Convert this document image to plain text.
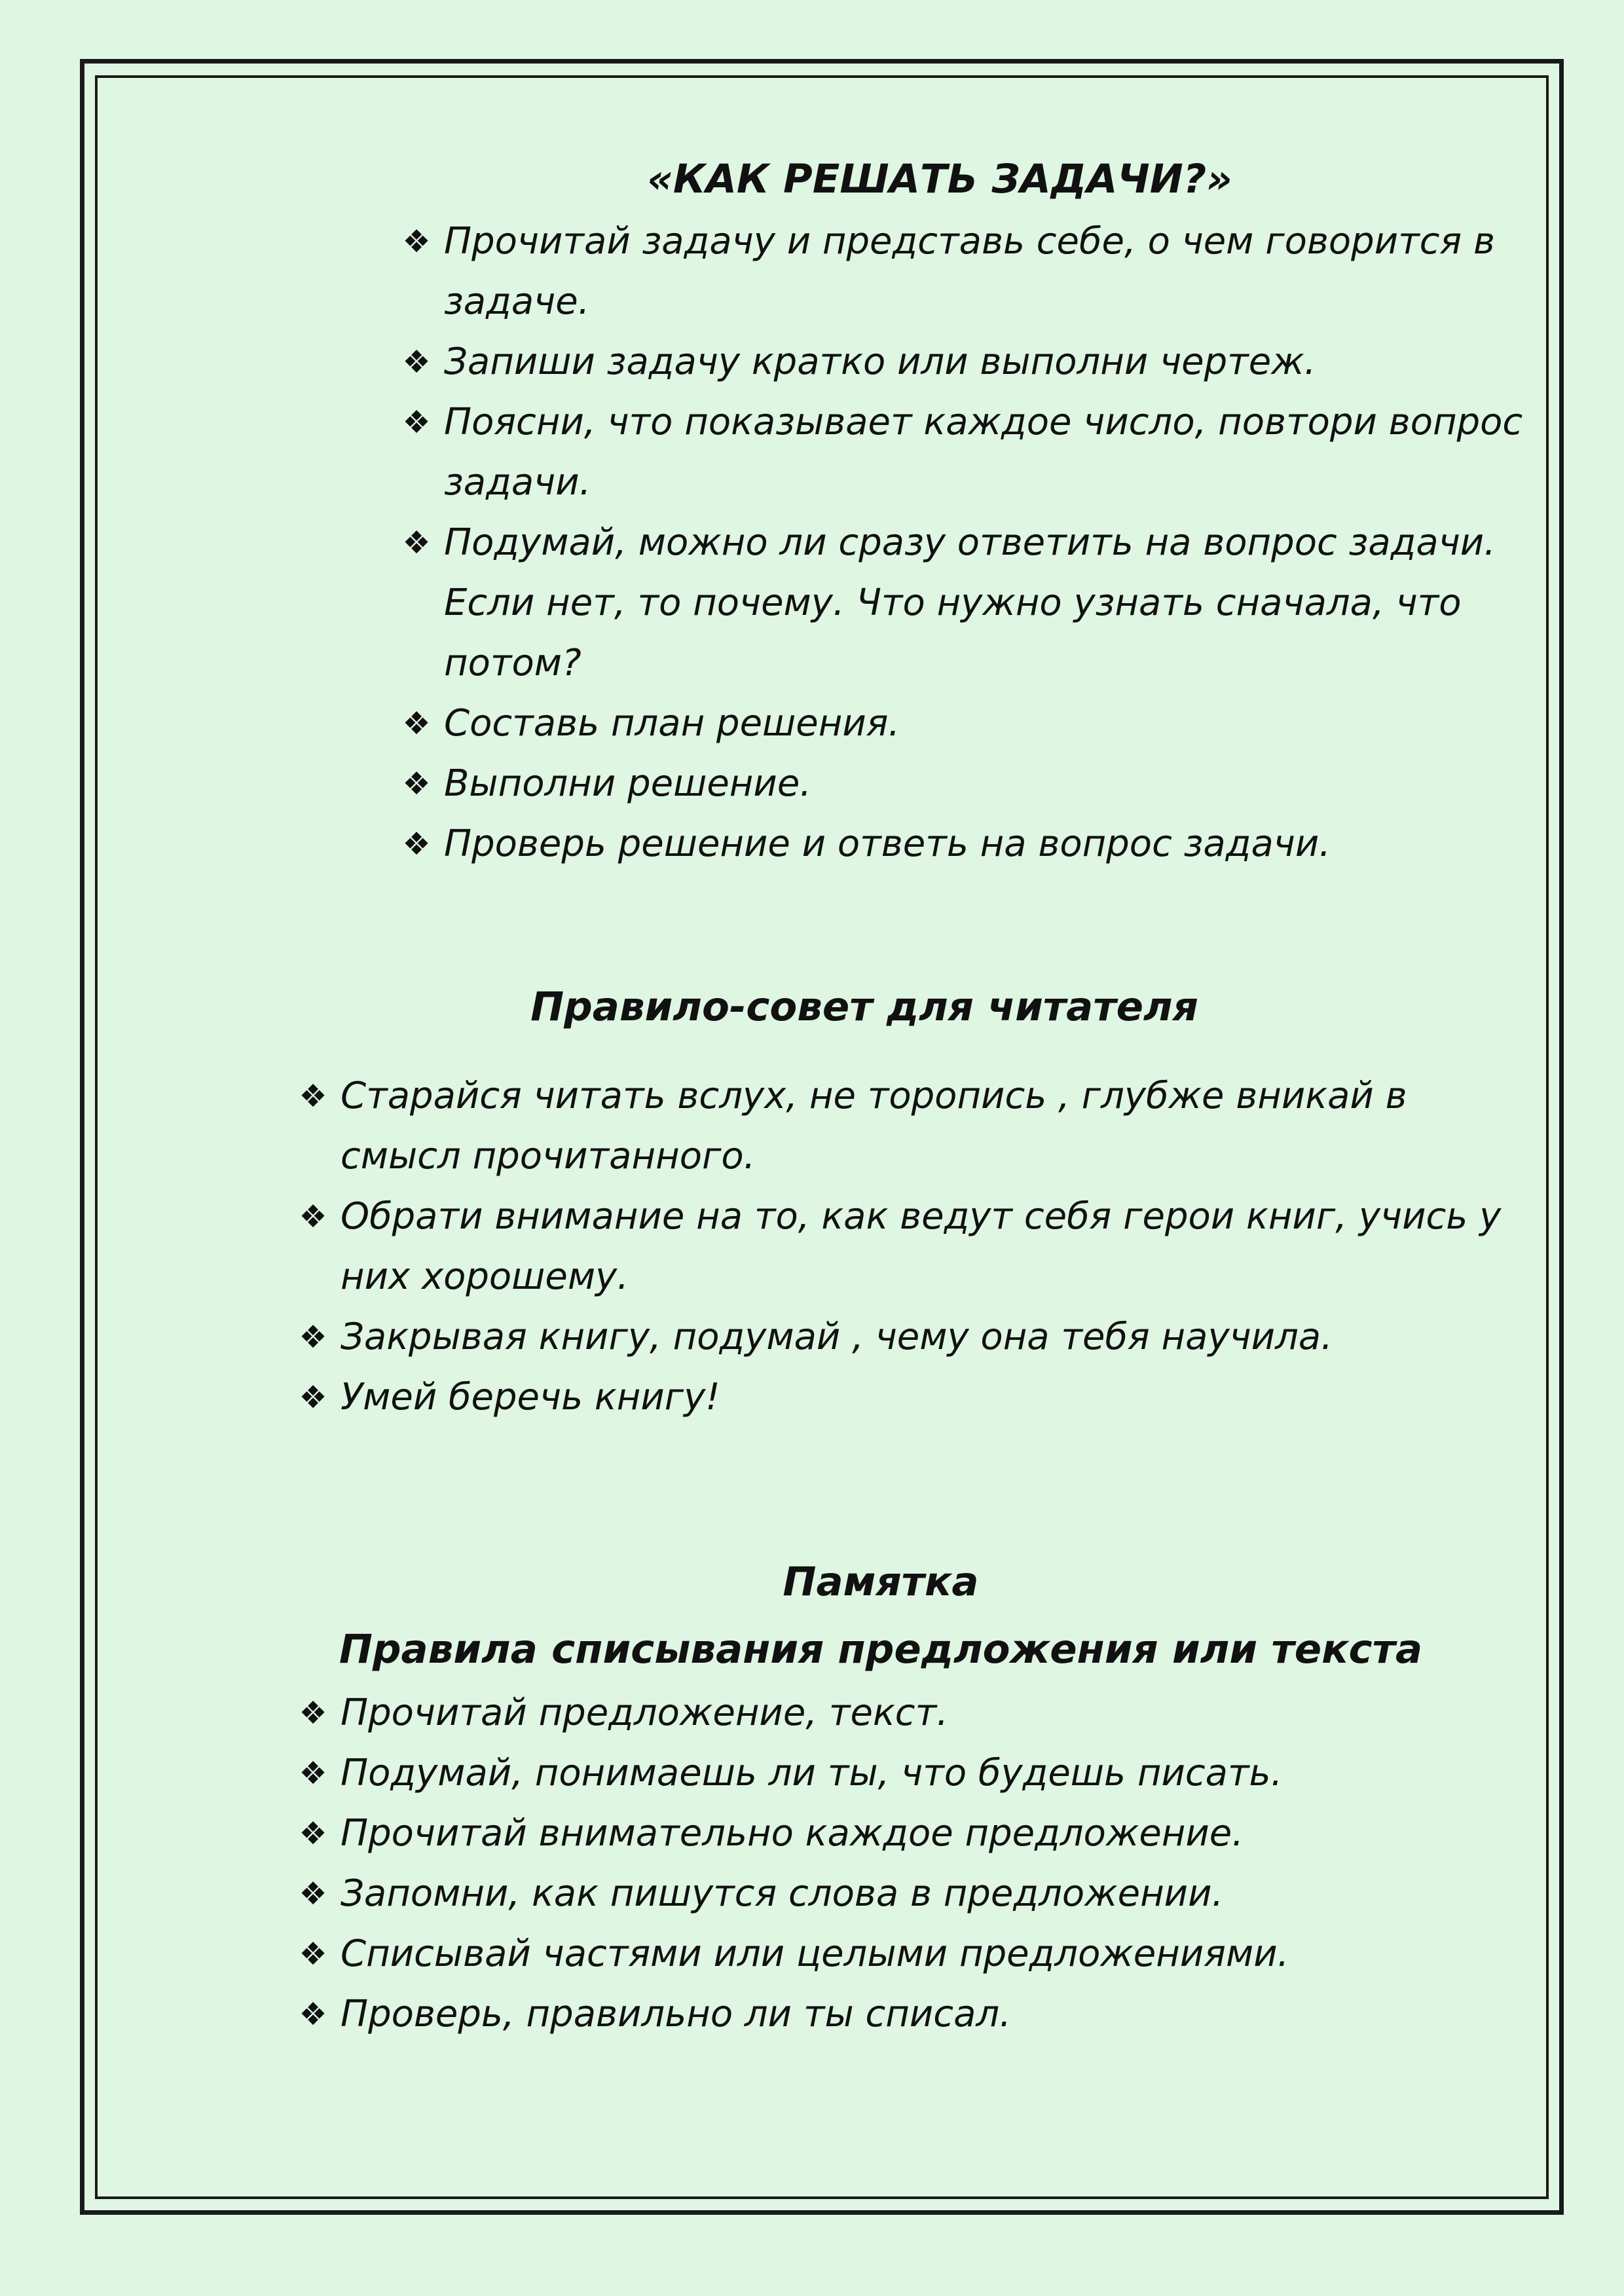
«КАК РЕШАТЬ ЗАДАЧИ?»
❖ Прочитай задачу и представь себе, о чем говорится в задаче.
❖ Запиши задачу кратко или выполни чертеж.
❖ Поясни, что показывает каждое число, повтори вопрос задачи.
❖ Подумай, можно ли сразу ответить на вопрос задачи. Если нет, то почему. Что нужно узнать сначала, что потом?
❖ Составь план решения.
❖ Выполни решение.
❖ Проверь решение и ответь на вопрос задачи.
Правило-совет для читателя
❖ Старайся читать вслух, не торопись , глубже вникай в смысл прочитанного.
❖ Обрати внимание на то, как ведут себя герои книг, учись у них хорошему.
❖ Закрывая книгу, подумай , чему она тебя научила.
❖ Умей беречь книгу!
Памятка
Правила списывания предложения или текста
❖ Прочитай предложение, текст.
❖ Подумай, понимаешь ли ты, что будешь писать.
❖ Прочитай внимательно каждое предложение.
❖ Запомни, как пишутся слова в предложении.
❖ Списывай частями или целыми предложениями.
❖ Проверь, правильно ли ты списал.
